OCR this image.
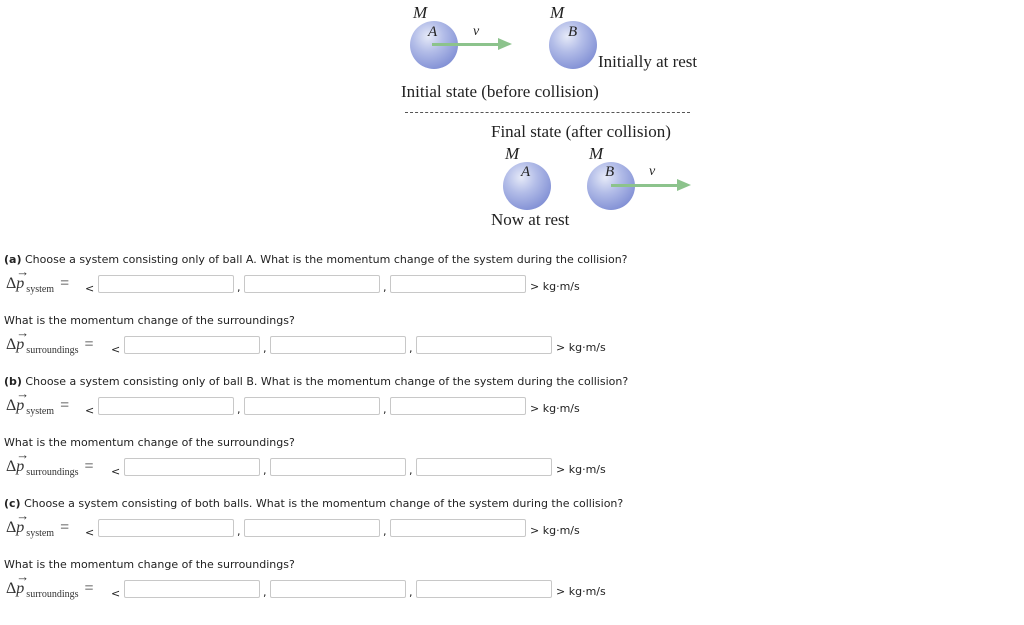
M	M
A	v	B
Initially at rest
Initial state (before collision)
Final state (after collision)
M	M
A	B v
Now at rest
(a) Choose a system consisting only of ball A. What is the momentum change of the system during the collision?
Δ→ p $_{system}$ = <	,	,	> kg·m/s
What is the momentum change of the surroundings?
Δ→ p $_{surroundings}$ = <	,	,	> kg·m/s
(b) Choose a system consisting only of ball B. What is the momentum change of the system during the collision?
Δ→ p $_{system}$ = <	,	,	> kg·m/s
What is the momentum change of the surroundings?
Δ→ p $_{surroundings}$ = <	,	,	> kg·m/s
(c) Choose a system consisting of both balls. What is the momentum change of the system during the collision?
Δ→ p $_{system}$ = <	,	,	> kg·m/s
What is the momentum change of the surroundings?
Δ→ p $_{surroundings}$ = <	,	,	> kg·m/s
